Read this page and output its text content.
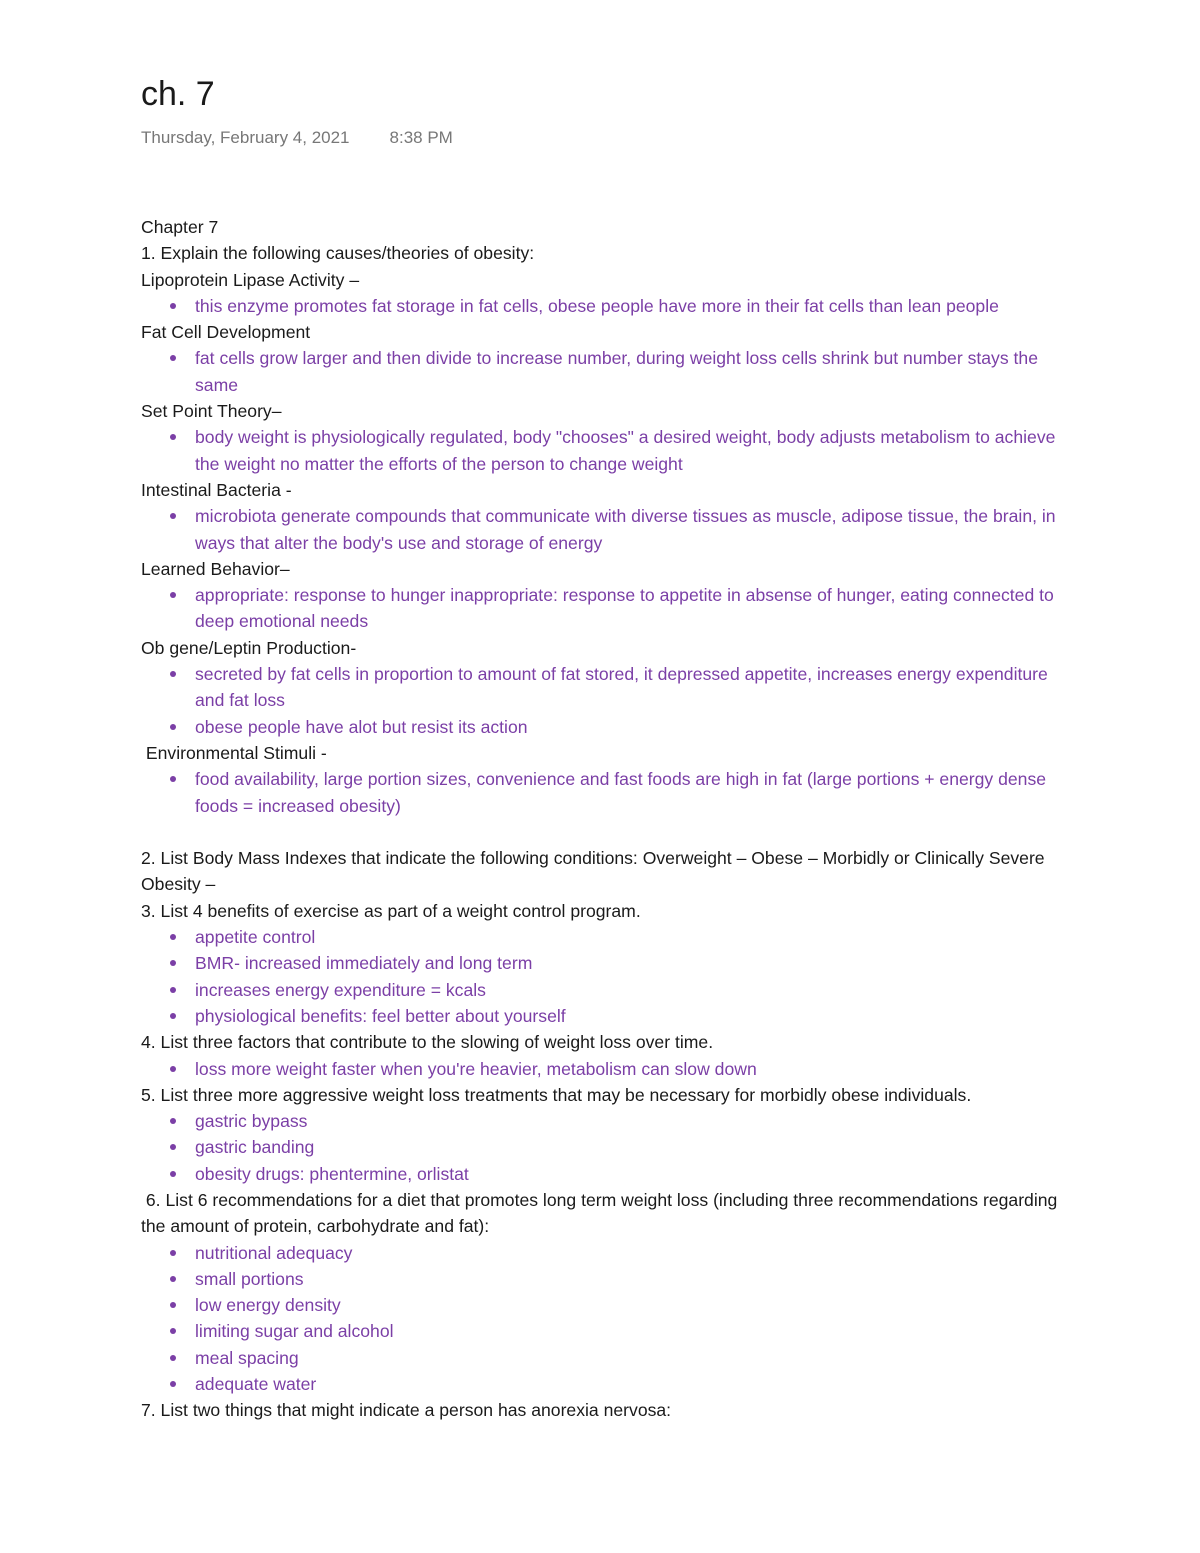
ch. 7
Thursday, February 4, 2021 8:38 PM

Chapter 7

1. Explain the following causes/theories of obesity:

Lipoprotein Lipase Activity –

this enzyme promotes fat storage in fat cells, obese people have more in their fat cells than lean people

Fat Cell Development

fat cells grow larger and then divide to increase number, during weight loss cells shrink but number stays the same

Set Point Theory–

body weight is physiologically regulated, body "chooses" a desired weight, body adjusts metabolism to achieve the weight no matter the efforts of the person to change weight

Intestinal Bacteria -

microbiota generate compounds that communicate with diverse tissues as muscle, adipose tissue, the brain, in ways that alter the body's use and storage of energy

Learned Behavior–

appropriate: response to hunger inappropriate: response to appetite in absense of hunger, eating connected to deep emotional needs

Ob gene/Leptin Production-

secreted by fat cells in proportion to amount of fat stored, it depressed appetite, increases energy expenditure and fat loss
obese people have alot but resist its action

Environmental Stimuli -

food availability, large portion sizes, convenience and fast foods are high in fat (large portions + energy dense foods = increased obesity)

2. List Body Mass Indexes that indicate the following conditions: Overweight – Obese – Morbidly or Clinically Severe Obesity –

3. List 4 benefits of exercise as part of a weight control program.

appetite control
BMR- increased immediately and long term
increases energy expenditure = kcals
physiological benefits: feel better about yourself

4. List three factors that contribute to the slowing of weight loss over time.

loss more weight faster when you're heavier, metabolism can slow down

5. List three more aggressive weight loss treatments that may be necessary for morbidly obese individuals.

gastric bypass
gastric banding
obesity drugs: phentermine, orlistat

6. List 6 recommendations for a diet that promotes long term weight loss (including three recommendations regarding the amount of protein, carbohydrate and fat):

nutritional adequacy
small portions
low energy density
limiting sugar and alcohol
meal spacing
adequate water

7. List two things that might indicate a person has anorexia nervosa:
